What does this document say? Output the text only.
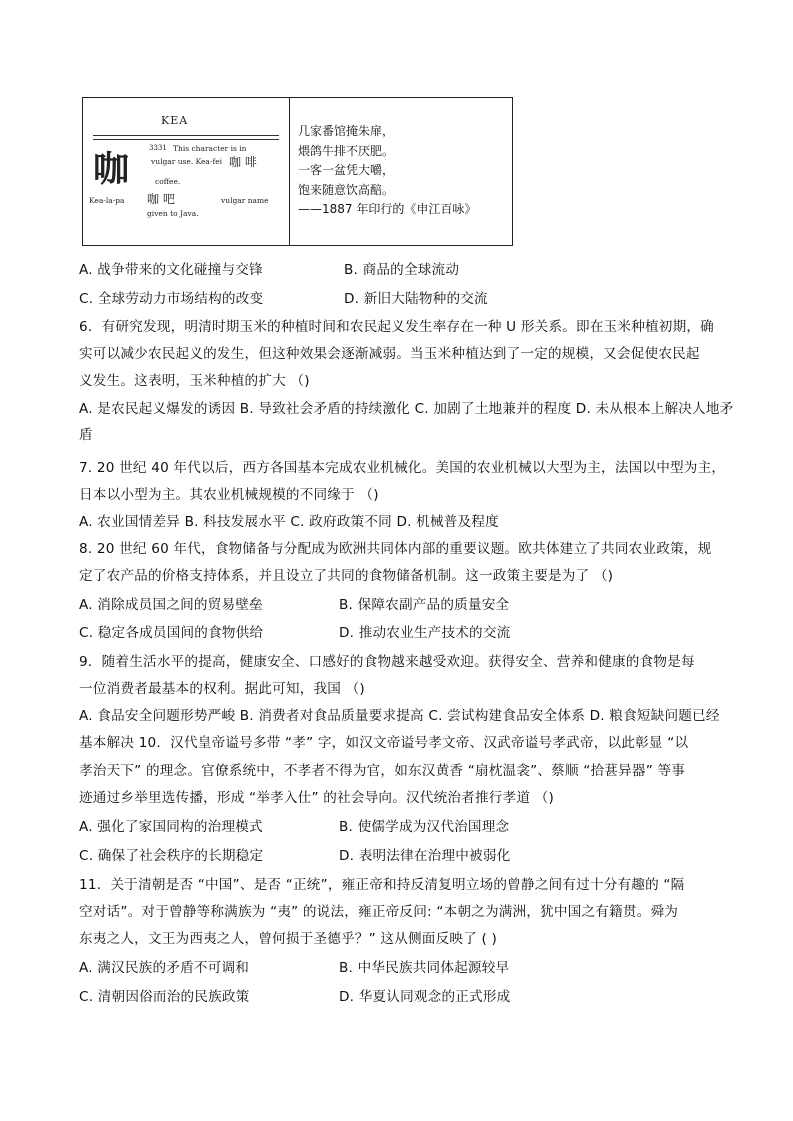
KEA
3331
咖
This character is in
vulgar use. Kea-fei 咖 啡
coffee.
Kea-la-pa 咖 吧	vulgar name
given to Java.
几家番馆掩朱扉，
煨鸽牛排不厌肥。
一客一盆凭大嚼，
饱来随意饮高醅。
——1887 年印行的《申江百咏》
A. 战争带来的文化碰撞与交锋	B. 商品的全球流动
C. 全球劳动力市场结构的改变	D. 新旧大陆物种的交流
6．有研究发现，明清时期玉米的种植时间和农民起义发生率存在一种 U 形关系。即在玉米种植初期，确
实可以减少农民起义的发生，但这种效果会逐渐减弱。当玉米种植达到了一定的规模，又会促使农民起
义发生。这表明，玉米种植的扩大 （)
A. 是农民起义爆发的诱因 B. 导致社会矛盾的持续激化 C. 加剧了土地兼并的程度 D. 未从根本上解决人地矛
盾
7. 20 世纪 40 年代以后，西方各国基本完成农业机械化。美国的农业机械以大型为主，法国以中型为主，
日本以小型为主。其农业机械规模的不同缘于 （)
A. 农业国情差异 B. 科技发展水平 C. 政府政策不同 D. 机械普及程度
8. 20 世纪 60 年代，食物储备与分配成为欧洲共同体内部的重要议题。欧共体建立了共同农业政策，规
定了农产品的价格支持体系，并且设立了共同的食物储备机制。这一政策主要是为了 （)
A. 消除成员国之间的贸易壁垒	B. 保障农副产品的质量安全
C. 稳定各成员国间的食物供给	D. 推动农业生产技术的交流
9．随着生活水平的提高，健康安全、口感好的食物越来越受欢迎。获得安全、营养和健康的食物是每
一位消费者最基本的权利。据此可知，我国 （)
A. 食品安全问题形势严峻 B. 消费者对食品质量要求提高 C. 尝试构建食品安全体系 D. 粮食短缺问题已经
基本解决 10．汉代皇帝谥号多带 “孝” 字，如汉文帝谥号孝文帝、汉武帝谥号孝武帝，以此彰显 “以
孝治天下” 的理念。官僚系统中，不孝者不得为官，如东汉黄香 “扇枕温衾”、蔡顺 “拾葚异器” 等事
迹通过乡举里选传播，形成 “举孝入仕” 的社会导向。汉代统治者推行孝道 （)
A. 强化了家国同构的治理模式	B. 使儒学成为汉代治国理念
C. 确保了社会秩序的长期稳定	D. 表明法律在治理中被弱化
11．关于清朝是否 “中国”、是否 “正统”，雍正帝和持反清复明立场的曾静之间有过十分有趣的 “隔
空对话”。对于曾静等称满族为 “夷” 的说法，雍正帝反问: “本朝之为满洲，犹中国之有籍贯。舜为
东夷之人，文王为西夷之人，曾何损于圣德乎？” 这从侧面反映了 ( )
A. 满汉民族的矛盾不可调和	B. 中华民族共同体起源较早
C. 清朝因俗而治的民族政策	D. 华夏认同观念的正式形成
